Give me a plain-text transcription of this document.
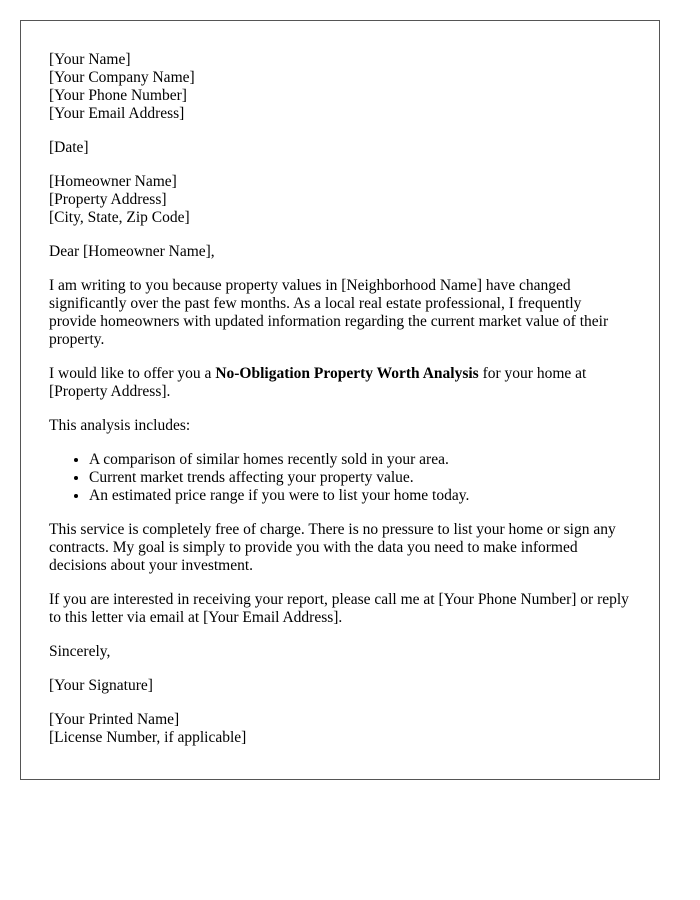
[Your Name]
[Your Company Name]
[Your Phone Number]
[Your Email Address]
[Date]
[Homeowner Name]
[Property Address]
[City, State, Zip Code]

Dear [Homeowner Name],

I am writing to you because property values in [Neighborhood Name] have changed significantly over the past few months. As a local real estate professional, I frequently provide homeowners with updated information regarding the current market value of their property.

I would like to offer you a No-Obligation Property Worth Analysis for your home at [Property Address].

This analysis includes:

• A comparison of similar homes recently sold in your area.
• Current market trends affecting your property value.
• An estimated price range if you were to list your home today.

This service is completely free of charge. There is no pressure to list your home or sign any contracts. My goal is simply to provide you with the data you need to make informed decisions about your investment.

If you are interested in receiving your report, please call me at [Your Phone Number] or reply to this letter via email at [Your Email Address].

Sincerely,

[Your Signature]

[Your Printed Name]
[License Number, if applicable]
